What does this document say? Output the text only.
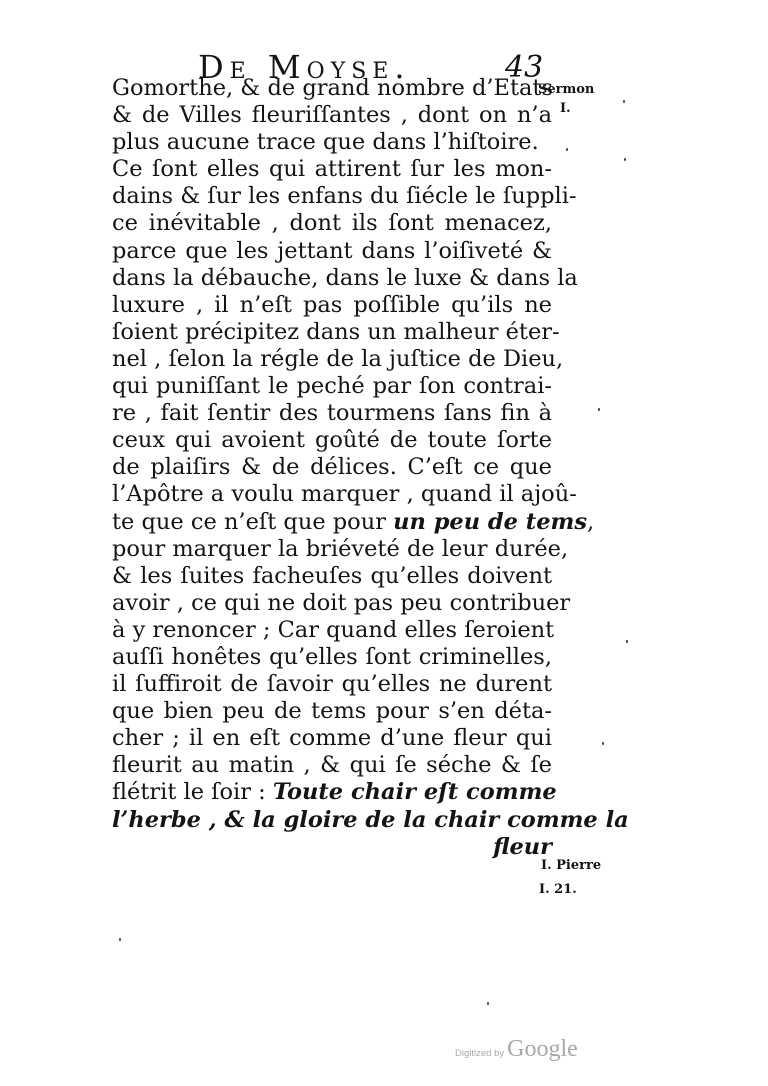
De Moyse.	43
Sermon
I.
I. Pierre
I. 21.
Gomorthe, & de grand nombre d’Etats
& de Villes fleuriſſantes , dont on n’a
plus aucune trace que dans l’hiſtoire.
Ce ſont elles qui attirent ſur les mon-
dains & ſur les enfans du ſiécle le ſuppli-
ce inévitable , dont ils ſont menacez,
parce que les jettant dans l’oiſiveté &
dans la débauche, dans le luxe & dans la
luxure , il n’eſt pas poſſible qu’ils ne
ſoient précipitez dans un malheur éter-
nel , ſelon la régle de la juſtice de Dieu,
qui puniſſant le peché par ſon contrai-
re , fait ſentir des tourmens ſans fin à
ceux qui avoient goûté de toute ſorte
de plaiſirs & de délices. C’eſt ce que
l’Apôtre a voulu marquer , quand il ajoû-
te que ce n’eſt que pour un peu de tems,
pour marquer la briéveté de leur durée,
& les ſuites facheuſes qu’elles doivent
avoir , ce qui ne doit pas peu contribuer
à y renoncer ; Car quand elles ſeroient
auſſi honêtes qu’elles ſont criminelles,
il ſuffiroit de ſavoir qu’elles ne durent
que bien peu de tems pour s’en déta-
cher ; il en eſt comme d’une fleur qui
fleurit au matin , & qui ſe séche & ſe
flétrit le ſoir : Toute chair eſt comme
l’herbe , & la gloire de la chair comme la
fleur
Digitized by Google
